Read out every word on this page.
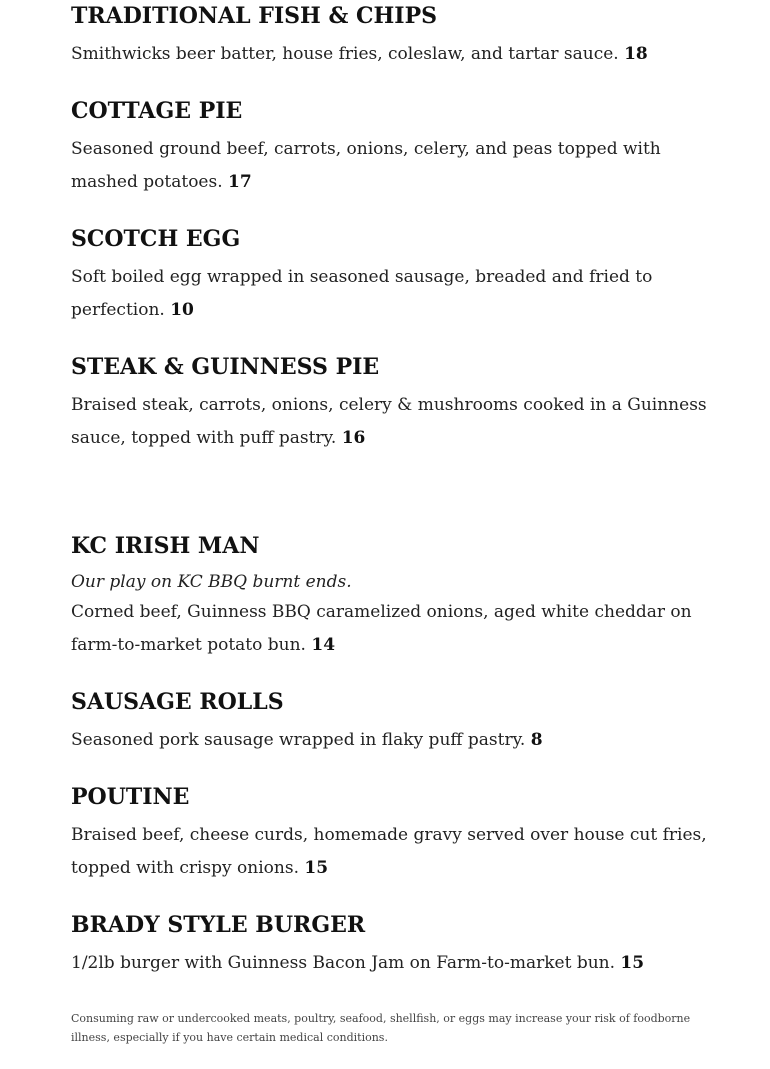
TRADITIONAL FISH & CHIPS

Smithwicks beer batter, house fries, coleslaw, and tartar sauce. 18

COTTAGE PIE

Seasoned ground beef, carrots, onions, celery, and peas topped with mashed potatoes. 17

SCOTCH EGG

Soft boiled egg wrapped in seasoned sausage, breaded and fried to perfection. 10

STEAK & GUINNESS PIE

Braised steak, carrots, onions, celery & mushrooms cooked in a Guinness sauce, topped with puff pastry. 16

KC IRISH MAN

Our play on KC BBQ burnt ends.

Corned beef, Guinness BBQ caramelized onions, aged white cheddar on farm-to-market potato bun. 14

SAUSAGE ROLLS

Seasoned pork sausage wrapped in flaky puff pastry. 8

POUTINE

Braised beef, cheese curds, homemade gravy served over house cut fries, topped with crispy onions. 15

BRADY STYLE BURGER

1/2lb burger with Guinness Bacon Jam on Farm-to-market bun. 15

Consuming raw or undercooked meats, poultry, seafood, shellfish, or eggs may increase your risk of foodborne illness, especially if you have certain medical conditions.
